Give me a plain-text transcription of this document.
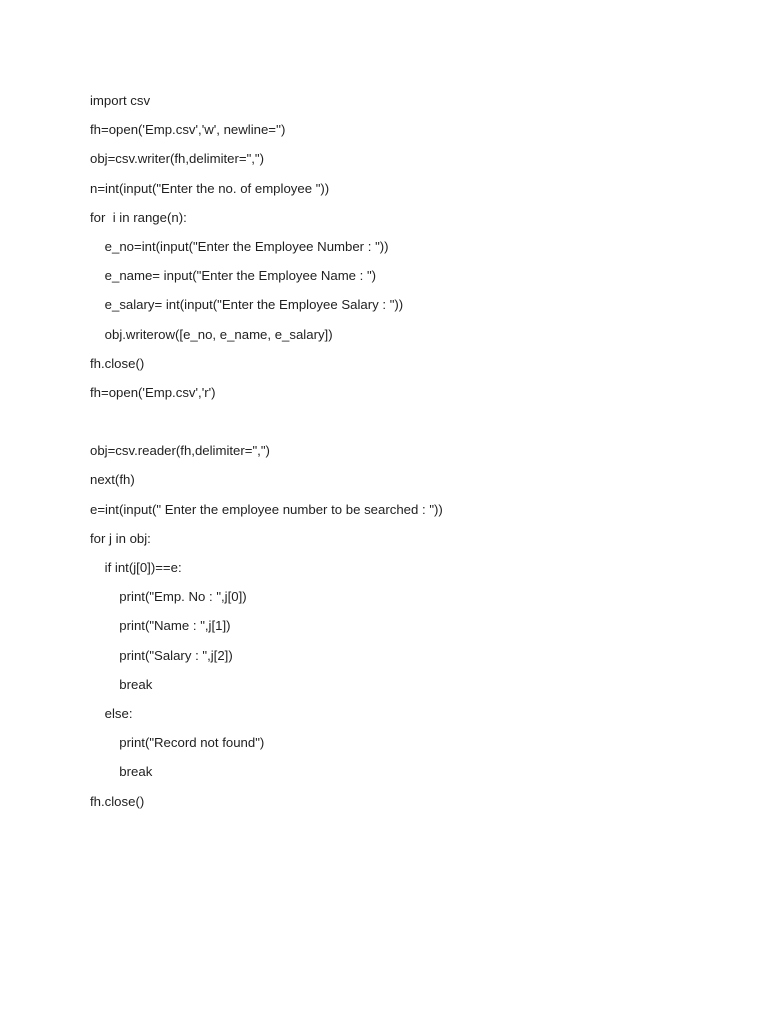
import csv
fh=open('Emp.csv','w', newline='')
obj=csv.writer(fh,delimiter=",")
n=int(input("Enter the no. of employee "))
for  i in range(n):
e_no=int(input("Enter the Employee Number : "))
e_name= input("Enter the Employee Name : ")
e_salary= int(input("Enter the Employee Salary : "))
obj.writerow([e_no, e_name, e_salary])
fh.close()
fh=open('Emp.csv','r')
obj=csv.reader(fh,delimiter=",")
next(fh)
e=int(input(" Enter the employee number to be searched : "))
for j in obj:
if int(j[0])==e:
print("Emp. No : ",j[0])
print("Name : ",j[1])
print("Salary : ",j[2])
break
else:
print("Record not found")
break
fh.close()
